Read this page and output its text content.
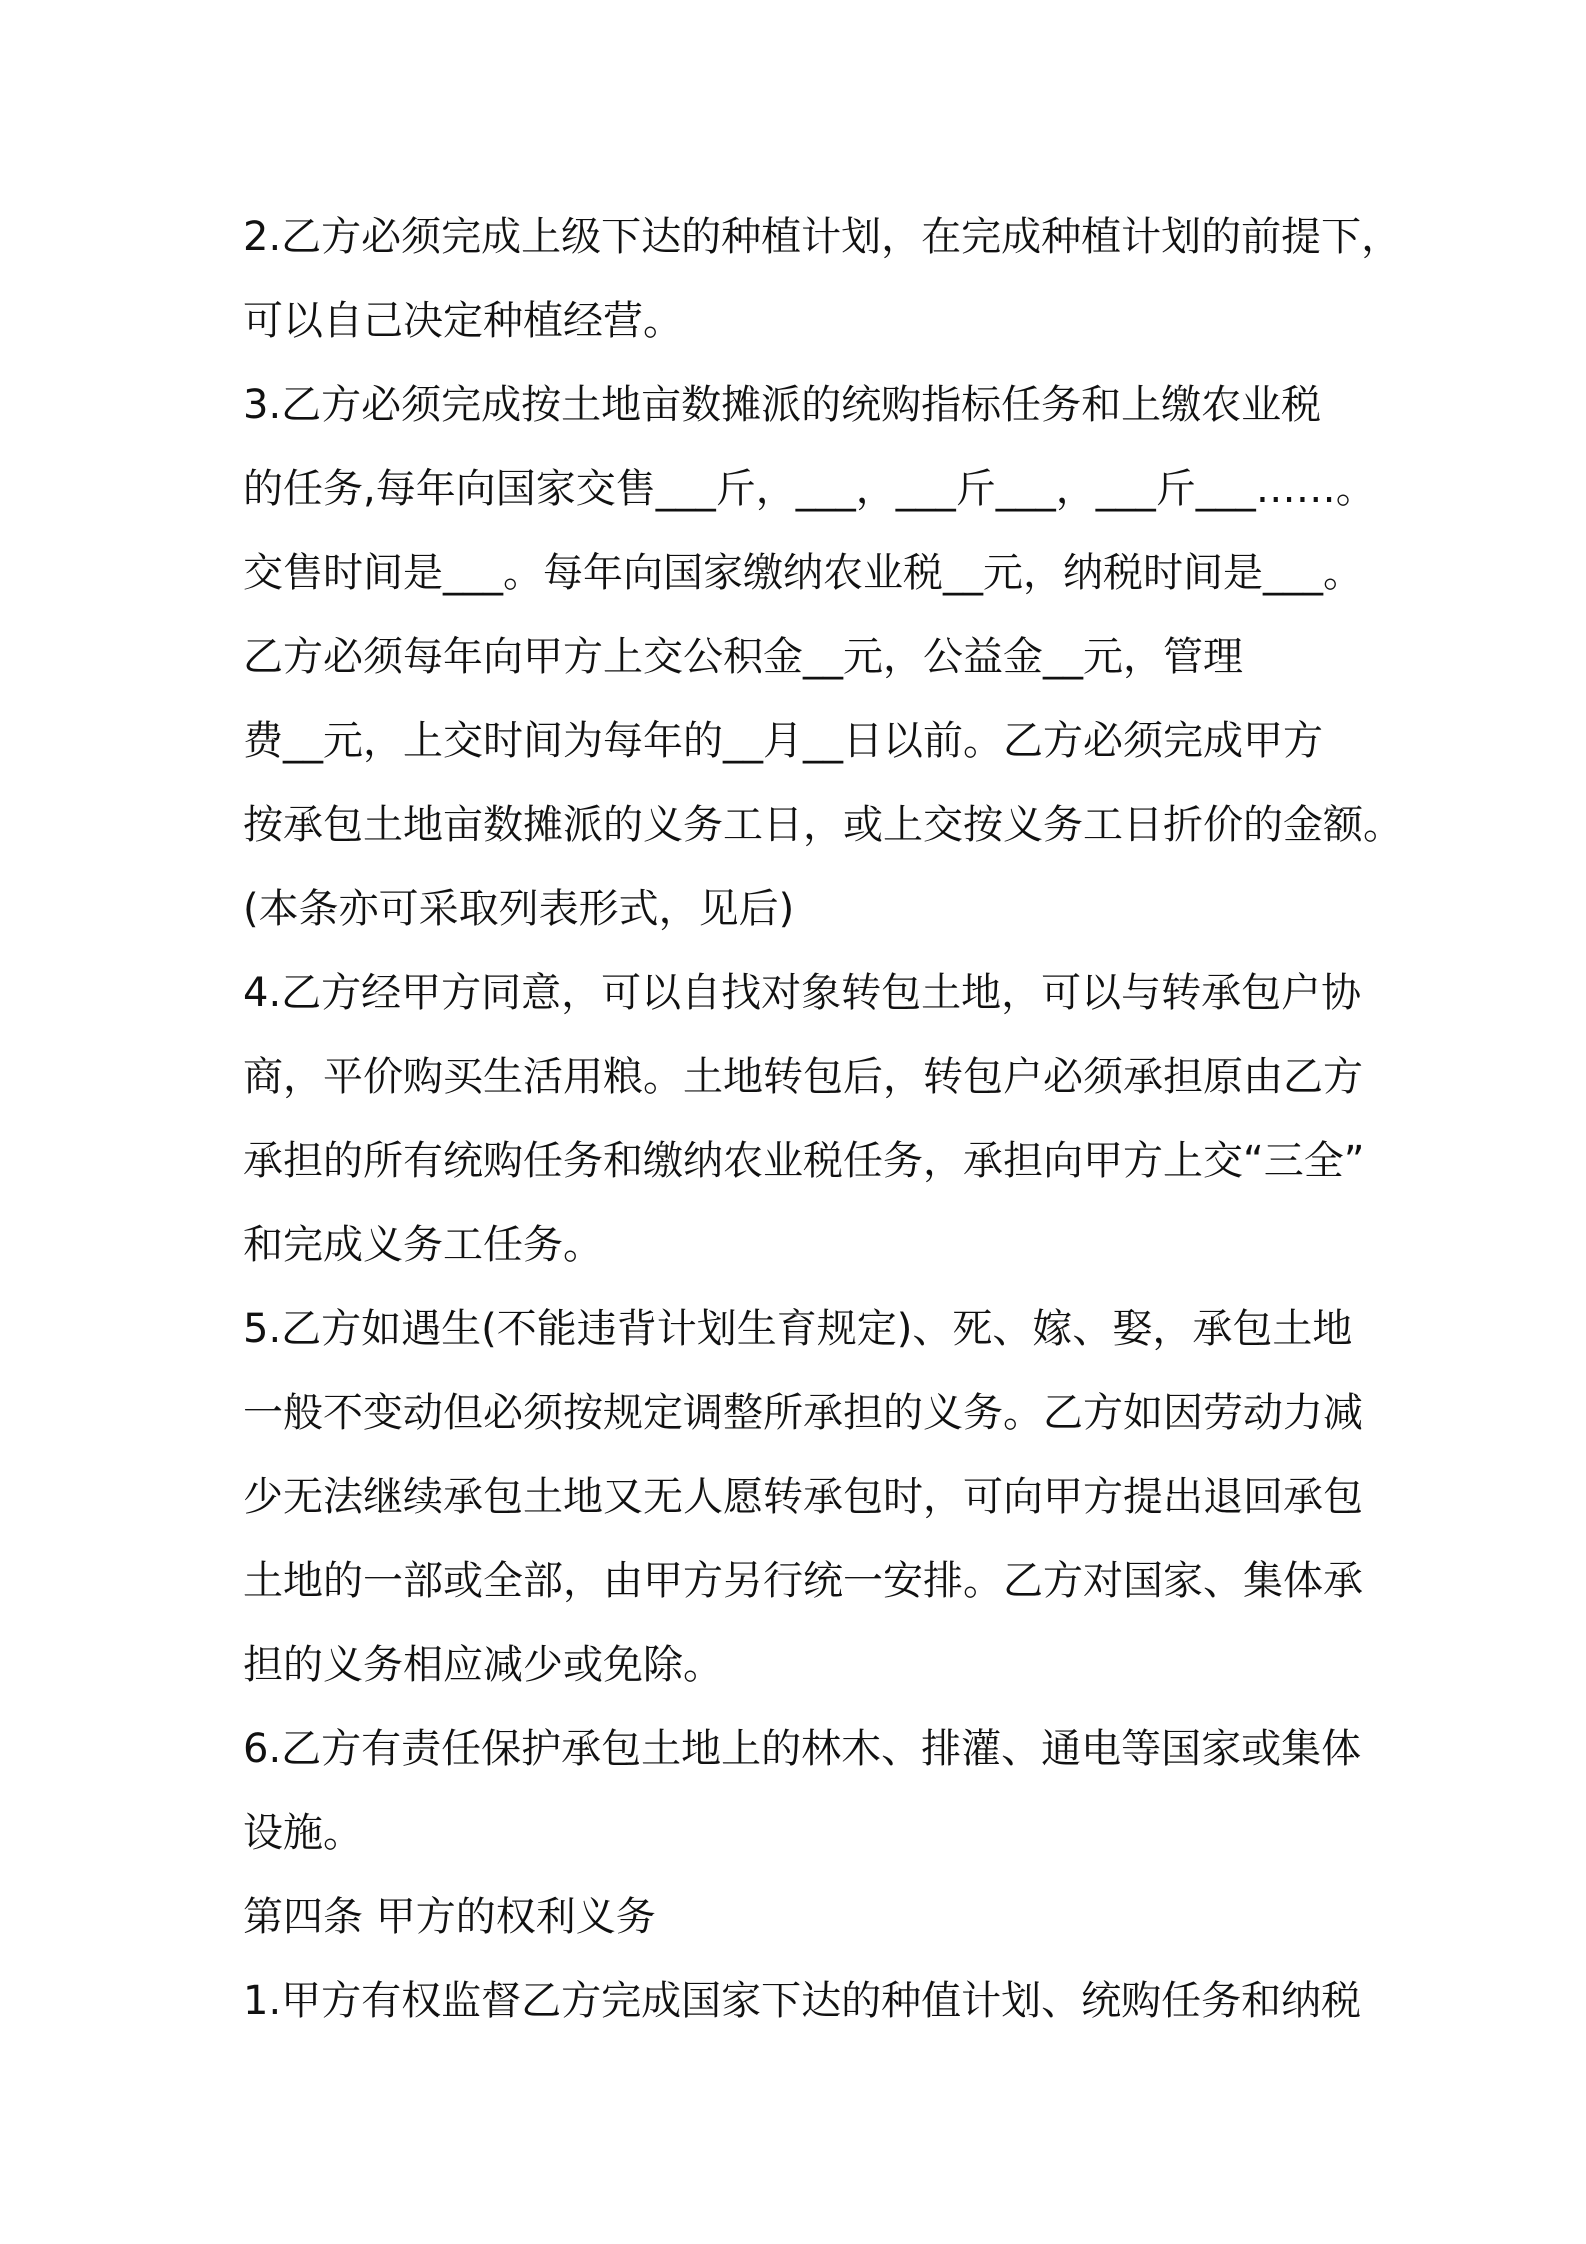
2.乙方必须完成上级下达的种植计划，在完成种植计划的前提下，
可以自己决定种植经营。
3.乙方必须完成按土地亩数摊派的统购指标任务和上缴农业税
的任务,每年向国家交售___斤，___，___斤___，___斤___……。
交售时间是___。每年向国家缴纳农业税__元，纳税时间是___。
乙方必须每年向甲方上交公积金__元，公益金__元，管理
费__元，上交时间为每年的__月__日以前。乙方必须完成甲方
按承包土地亩数摊派的义务工日，或上交按义务工日折价的金额。
(本条亦可采取列表形式，见后)
4.乙方经甲方同意，可以自找对象转包土地，可以与转承包户协
商，平价购买生活用粮。土地转包后，转包户必须承担原由乙方
承担的所有统购任务和缴纳农业税任务，承担向甲方上交“三全”
和完成义务工任务。
5.乙方如遇生(不能违背计划生育规定)、死、嫁、娶，承包土地
一般不变动但必须按规定调整所承担的义务。乙方如因劳动力减
少无法继续承包土地又无人愿转承包时，可向甲方提出退回承包
土地的一部或全部，由甲方另行统一安排。乙方对国家、集体承
担的义务相应减少或免除。
6.乙方有责任保护承包土地上的林木、排灌、通电等国家或集体
设施。
第四条 甲方的权利义务
1.甲方有权监督乙方完成国家下达的种值计划、统购任务和纳税
